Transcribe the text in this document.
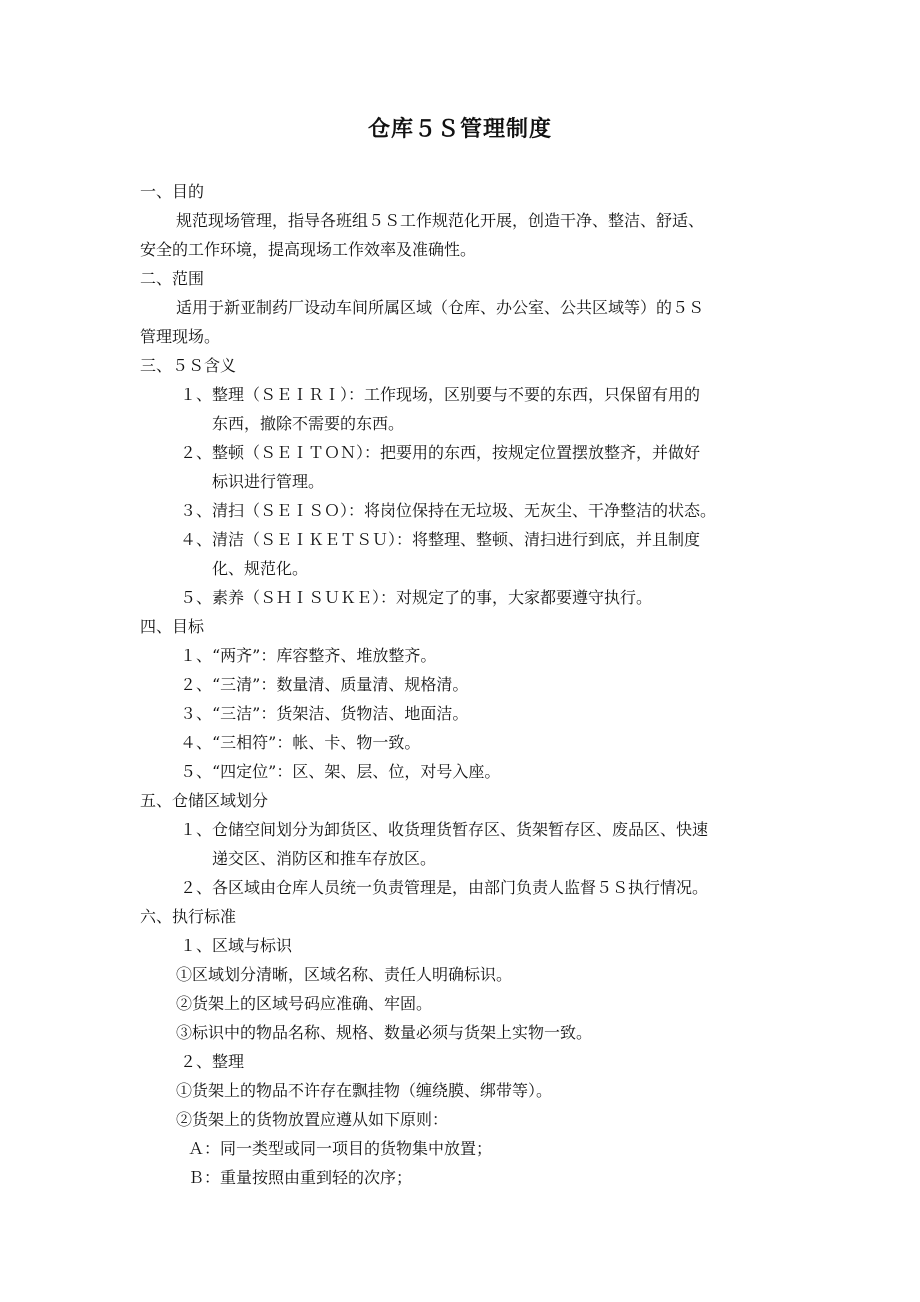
仓库５Ｓ管理制度
一、目的
规范现场管理，指导各班组５Ｓ工作规范化开展，创造干净、整洁、舒适、
安全的工作环境，提高现场工作效率及准确性。
二、范围
适用于新亚制药厂设动车间所属区域（仓库、办公室、公共区域等）的５Ｓ
管理现场。
三、５Ｓ含义
１、整理（ＳＥＩＲＩ）：工作现场，区别要与不要的东西，只保留有用的
东西，撤除不需要的东西。
２、整顿（ＳＥＩＴＯＮ）：把要用的东西，按规定位置摆放整齐，并做好
标识进行管理。
３、清扫（ＳＥＩＳＯ）：将岗位保持在无垃圾、无灰尘、干净整洁的状态。
４、清洁（ＳＥＩＫＥＴＳＵ）：将整理、整顿、清扫进行到底，并且制度
化、规范化。
５、素养（ＳＨＩＳＵＫＥ）：对规定了的事，大家都要遵守执行。
四、目标
１、“两齐”：库容整齐、堆放整齐。
２、“三清”：数量清、质量清、规格清。
３、“三洁”：货架洁、货物洁、地面洁。
４、“三相符”：帐、卡、物一致。
５、“四定位”：区、架、层、位，对号入座。
五、仓储区域划分
１、仓储空间划分为卸货区、收货理货暂存区、货架暂存区、废品区、快速
递交区、消防区和推车存放区。
２、各区域由仓库人员统一负责管理是，由部门负责人监督５Ｓ执行情况。
六、执行标准
１、区域与标识
①区域划分清晰，区域名称、责任人明确标识。
②货架上的区域号码应准确、牢固。
③标识中的物品名称、规格、数量必须与货架上实物一致。
２、整理
①货架上的物品不许存在飘挂物（缠绕膜、绑带等）。
②货架上的货物放置应遵从如下原则：
Ａ：同一类型或同一项目的货物集中放置；
Ｂ：重量按照由重到轻的次序；
